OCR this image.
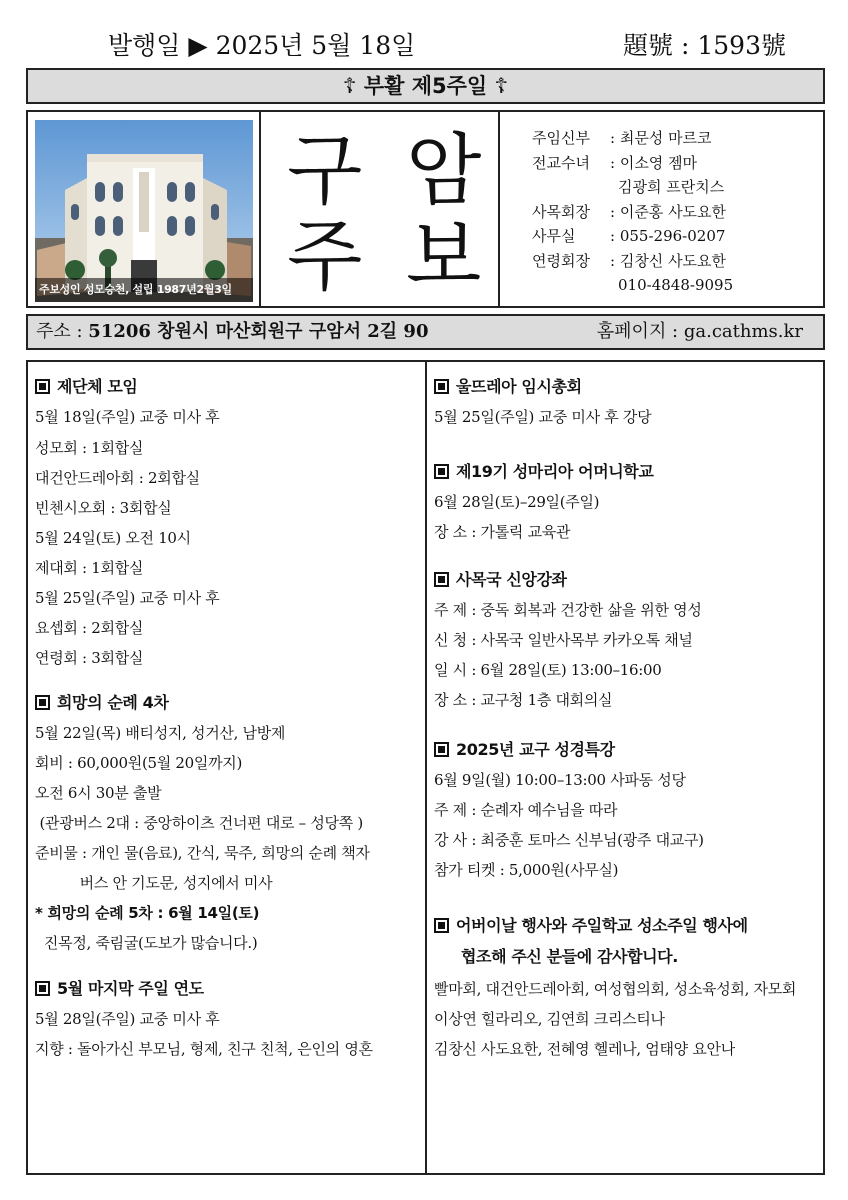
발행일 ▶ 2025년 5월 18일	題號 : 1593號
☦ 부활 제5주일 ☦
주보성인 성모승천, 설립 1987년2월3일
구 암
주 보
주임신부	: 최문성 마르코
전교수녀	: 이소영 젬마
김광희 프란치스
사목회장	: 이준홍 사도요한
사무실	: 055-296-0207
연령회장	: 김창신 사도요한
010-4848-9095
주소 : 51206 창원시 마산회원구 구암서 2길 90	홈페이지 : ga.cathms.kr
제단체 모임
5월 18일(주일) 교중 미사 후
성모회 : 1회합실
대건안드레아회 : 2회합실
빈첸시오회 : 3회합실
5월 24일(토) 오전 10시
제대회 : 1회합실
5월 25일(주일) 교중 미사 후
요셉회 : 2회합실
연령회 : 3회합실
희망의 순례 4차
5월 22일(목) 배티성지, 성거산, 남방제
회비 : 60,000원(5월 20일까지)
오전 6시 30분 출발
(관광버스 2대 : 중앙하이츠 건너편 대로 – 성당쪽 )
준비물 : 개인 물(음료), 간식, 묵주, 희망의 순례 책자
버스 안 기도문, 성지에서 미사
* 희망의 순례 5차 : 6월 14일(토)
진목정, 죽림굴(도보가 많습니다.)
5월 마지막 주일 연도
5월 28일(주일) 교중 미사 후
지향 : 돌아가신 부모님, 형제, 친구 친척, 은인의 영혼
울뜨레아 임시총회
5월 25일(주일) 교중 미사 후 강당
제19기 성마리아 어머니학교
6월 28일(토)–29일(주일)
장 소 : 가톨릭 교육관
사목국 신앙강좌
주 제 : 중독 회복과 건강한 삶을 위한 영성
신 청 : 사목국 일반사목부 카카오톡 채널
일 시 : 6월 28일(토) 13:00–16:00
장 소 : 교구청 1층 대회의실
2025년 교구 성경특강
6월 9일(월) 10:00–13:00 사파동 성당
주 제 : 순례자 예수님을 따라
강 사 : 최중훈 토마스 신부님(광주 대교구)
참가 티켓 : 5,000원(사무실)
어버이날 행사와 주일학교 성소주일 행사에
협조해 주신 분들에 감사합니다.
빨마회, 대건안드레아회, 여성협의회, 성소육성회, 자모회
이상연 힐라리오, 김연희 크리스티나
김창신 사도요한, 전혜영 헬레나, 엄태양 요안나
